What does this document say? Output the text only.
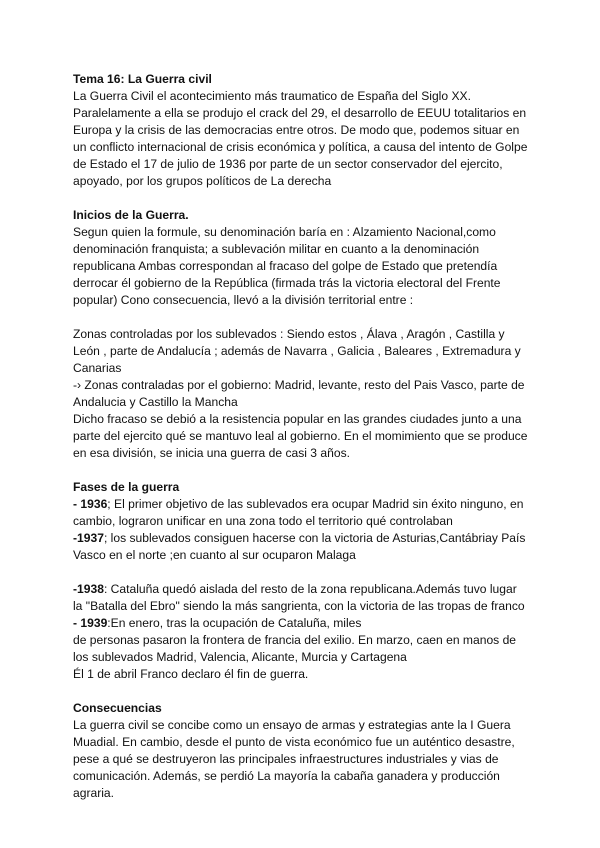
Tema 16: La Guerra civil
La Guerra Civil el acontecimiento más traumatico de España del Siglo XX.
Paralelamente a ella se produjo el crack del 29, el desarrollo de EEUU totalitarios en
Europa y la crisis de las democracias entre otros. De modo que, podemos situar en
un conflicto internacional de crisis económica y política, a causa del intento de Golpe
de Estado el 17 de julio de 1936 por parte de un sector conservador del ejercito,
apoyado, por los grupos políticos de La derecha
Inicios de la Guerra.
Segun quien la formule, su denominación baría en : Alzamiento Nacional,como
denominación franquista; a sublevación militar en cuanto a la denominación
republicana Ambas correspondan al fracaso del golpe de Estado que pretendía
derrocar él gobierno de la República (firmada trás la victoria electoral del Frente
popular) Cono consecuencia, llevó a la división territorial entre :
Zonas controladas por los sublevados : Siendo estos , Álava , Aragón , Castilla y
León , parte de Andalucía ; además de Navarra , Galicia , Baleares , Extremadura y
Canarias
-› Zonas contraladas por el gobierno: Madrid, levante, resto del Pais Vasco, parte de
Andalucia y Castillo la Mancha
Dicho fracaso se debió a la resistencia popular en las grandes ciudades junto a una
parte del ejercito qué se mantuvo leal al gobierno. En el momimiento que se produce
en esa división, se inicia una guerra de casi 3 años.
Fases de la guerra
- 1936; El primer objetivo de las sublevados era ocupar Madrid sin éxito ninguno, en
cambio, lograron unificar en una zona todo el territorio qué controlaban
-1937; los sublevados consiguen hacerse con la victoria de Asturias,Cantábriay País
Vasco en el norte ;en cuanto al sur ocuparon Malaga
-1938: Cataluña quedó aislada del resto de la zona republicana.Además tuvo lugar
la "Batalla del Ebro" siendo la más sangrienta, con la victoria de las tropas de franco
- 1939:En enero, tras la ocupación de Cataluña, miles
de personas pasaron la frontera de francia del exilio. En marzo, caen en manos de
los sublevados Madrid, Valencia, Alicante, Murcia y Cartagena
Él 1 de abril Franco declaro él fin de guerra.
Consecuencias
La guerra civil se concibe como un ensayo de armas y estrategias ante la I Guera
Muadial. En cambio, desde el punto de vista económico fue un auténtico desastre,
pese a qué se destruyeron las principales infraestructures industriales y vias de
comunicación. Además, se perdió La mayoría la cabaña ganadera y producción
agraria.
